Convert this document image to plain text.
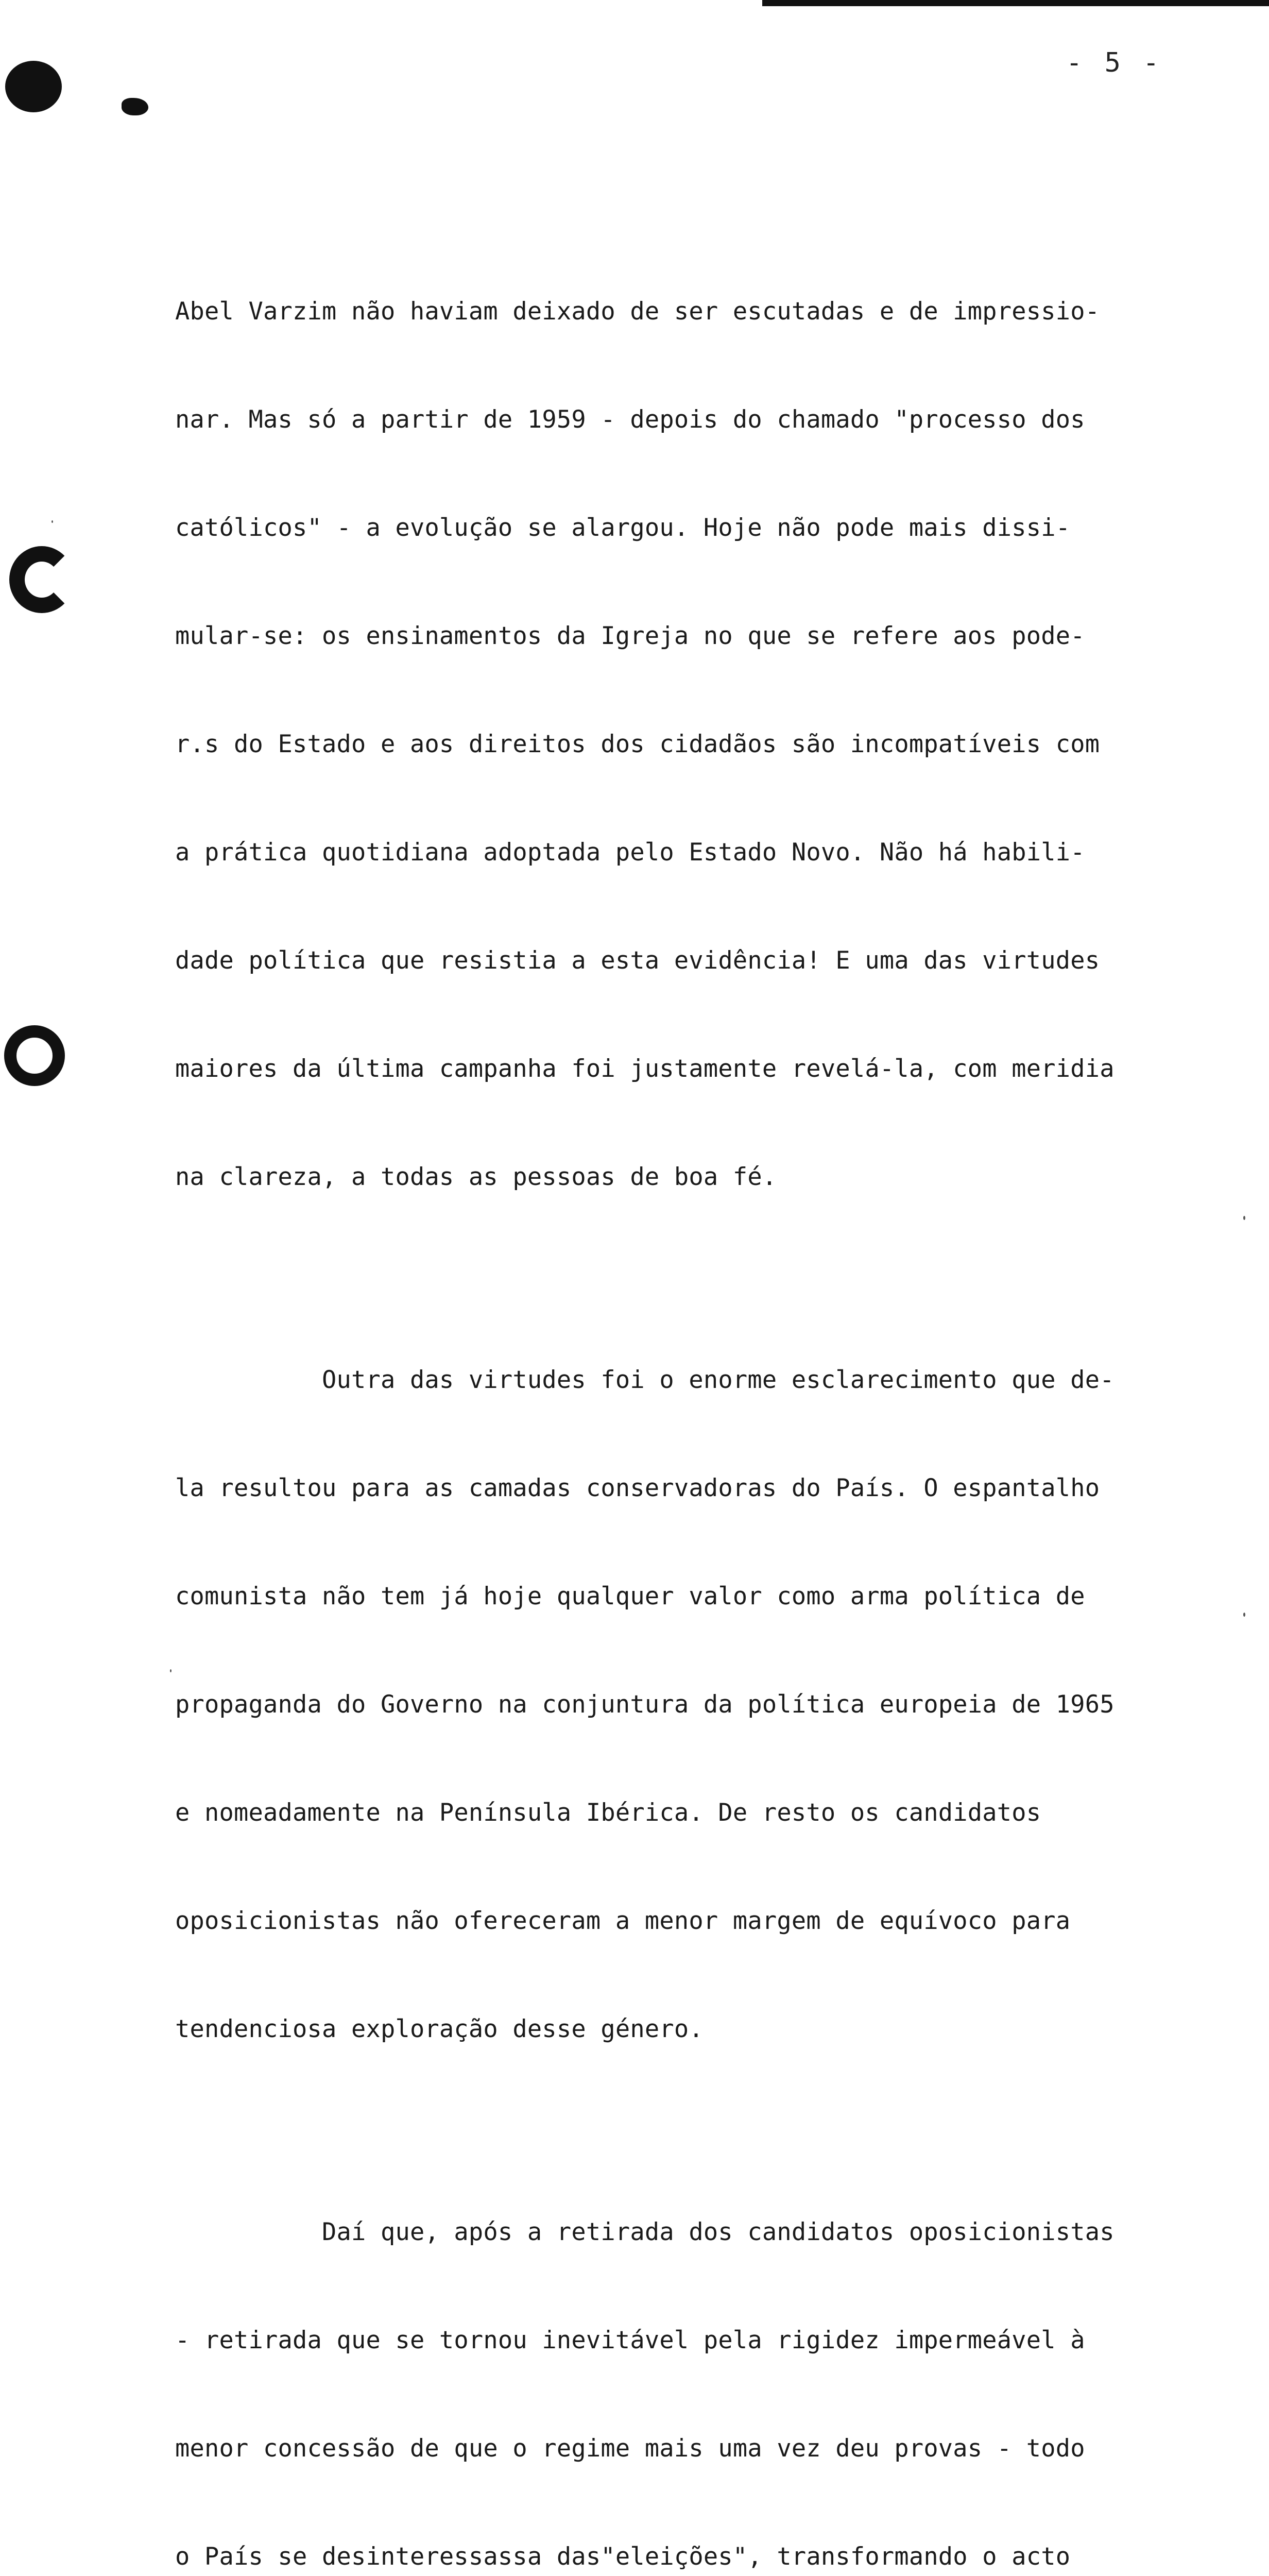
- 5 -

Abel Varzim não haviam deixado de ser escutadas e de impressio-

nar. Mas só a partir de 1959 - depois do chamado "processo dos

católicos" - a evolução se alargou. Hoje não pode mais dissi-

mular-se: os ensinamentos da Igreja no que se refere aos pode-

r.s do Estado e aos direitos dos cidadãos são incompatíveis com

a prática quotidiana adoptada pelo Estado Novo. Não há habili-

dade política que resistia a esta evidência! E uma das virtudes

maiores da última campanha foi justamente revelá-la, com meridia

na clareza, a todas as pessoas de boa fé.

Outra das virtudes foi o enorme esclarecimento que de-

la resultou para as camadas conservadoras do País. O espantalho

comunista não tem já hoje qualquer valor como arma política de

propaganda do Governo na conjuntura da política europeia de 1965

e nomeadamente na Península Ibérica. De resto os candidatos

oposicionistas não ofereceram a menor margem de equívoco para

tendenciosa exploração desse género.

Daí que, após a retirada dos candidatos oposicionistas

- retirada que se tornou inevitável pela rigidez impermeável à

menor concessão de que o regime mais uma vez deu provas - todo

o País se desinteressassa das"eleições", transformando o acto
